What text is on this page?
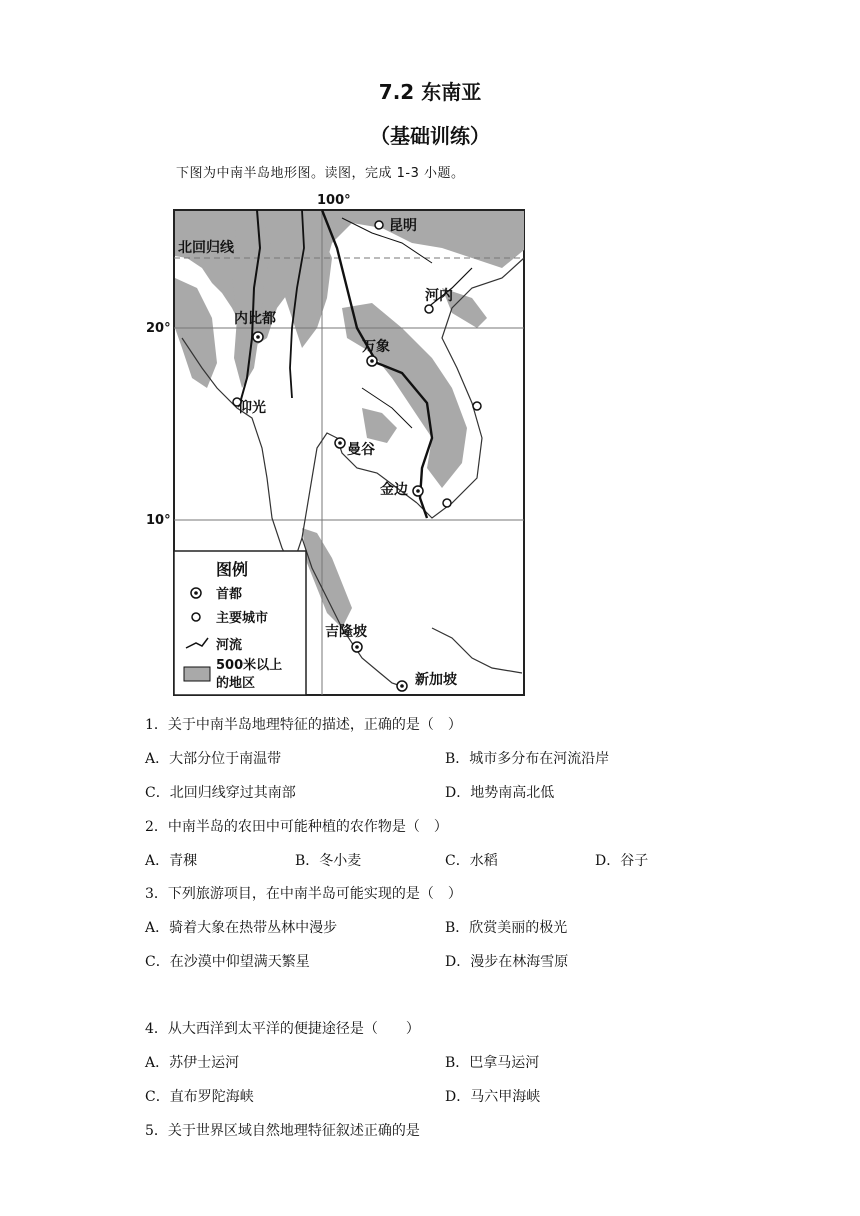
7.2 东南亚
（基础训练）
下图为中南半岛地形图。读图，完成 1-3 小题。
昆明
河内
内比都
万象
仰光
曼谷
金边
吉隆坡
新加坡
100°
20°
10°
北回归线
图例
首都
主要城市
河流
500米以上
的地区
1．关于中南半岛地理特征的描述，正确的是（　）
A．大部分位于南温带	B．城市多分布在河流沿岸
C．北回归线穿过其南部	D．地势南高北低
2．中南半岛的农田中可能种植的农作物是（　）
A．青稞	B．冬小麦	C．水稻	D．谷子
3．下列旅游项目，在中南半岛可能实现的是（　）
A．骑着大象在热带丛林中漫步	B．欣赏美丽的极光
C．在沙漠中仰望满天繁星	D．漫步在林海雪原
4．从大西洋到太平洋的便捷途径是（　　）
A．苏伊士运河	B．巴拿马运河
C．直布罗陀海峡	D．马六甲海峡
5．关于世界区域自然地理特征叙述正确的是
